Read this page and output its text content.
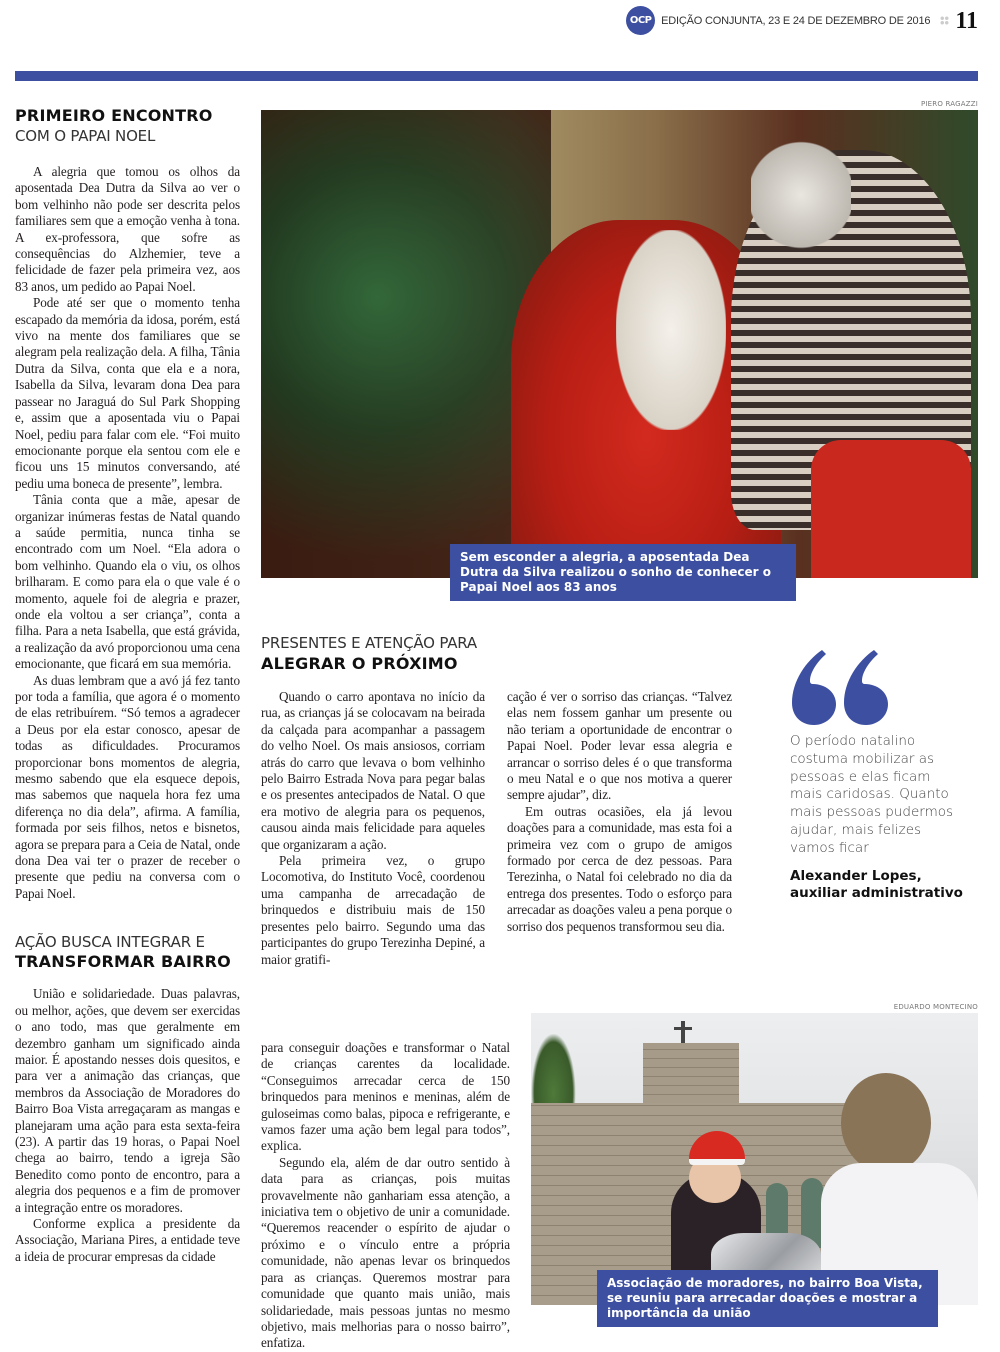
OCP EDIÇÃO CONJUNTA, 23 E 24 DE DEZEMBRO DE 2016 11
PRIMEIRO ENCONTRO
COM O PAPAI NOEL

A alegria que tomou os olhos da aposentada Dea Dutra da Silva ao ver o bom velhinho não pode ser descrita pelos familiares sem que a emoção venha à tona. A ex-professora, que sofre as consequências do Alzhemier, teve a felicidade de fazer pela primeira vez, aos 83 anos, um pedido ao Papai Noel.

Pode até ser que o momento tenha escapado da memória da idosa, porém, está vivo na mente dos familiares que se alegram pela realização dela. A filha, Tânia Dutra da Silva, conta que ela e a nora, Isabella da Silva, levaram dona Dea para passear no Jaraguá do Sul Park Shopping e, assim que a aposentada viu o Papai Noel, pediu para falar com ele. “Foi muito emocionante porque ela sentou com ele e ficou uns 15 minutos conversando, até pediu uma boneca de presente”, lembra.

Tânia conta que a mãe, apesar de organizar inúmeras festas de Natal quando a saúde permitia, nunca tinha se encontrado com um Noel. “Ela adora o bom velhinho. Quando ela o viu, os olhos brilharam. E como para ela o que vale é o momento, aquele foi de alegria e prazer, onde ela voltou a ser criança”, conta a filha. Para a neta Isabella, que está grávida, a realização da avó proporcionou uma cena emocionante, que ficará em sua memória.

As duas lembram que a avó já fez tanto por toda a família, que agora é o momento de elas retribuírem. “Só temos a agradecer a Deus por ela estar conosco, apesar de todas as dificuldades. Procuramos proporcionar bons momentos de alegria, mesmo sabendo que ela esquece depois, mas sabemos que naquela hora fez uma diferença no dia dela”, afirma. A família, formada por seis filhos, netos e bisnetos, agora se prepara para a Ceia de Natal, onde dona Dea vai ter o prazer de receber o presente que pediu na conversa com o Papai Noel.

AÇÃO BUSCA INTEGRAR E
TRANSFORMAR BAIRRO

União e solidariedade. Duas palavras, ou melhor, ações, que devem ser exercidas o ano todo, mas que geralmente em dezembro ganham um significado ainda maior. É apostando nesses dois quesitos, e para ver a animação das crianças, que membros da Associação de Moradores do Bairro Boa Vista arregaçaram as mangas e planejaram uma ação para esta sexta-feira (23). A partir das 19 horas, o Papai Noel chega ao bairro, tendo a igreja São Benedito como ponto de encontro, para a alegria dos pequenos e a fim de promover a integração entre os moradores.

Conforme explica a presidente da Associação, Mariana Pires, a entidade teve a ideia de procurar empresas da cidade

PIERO RAGAZZI
Sem esconder a alegria, a aposentada Dea Dutra da Silva realizou o sonho de conhecer o Papai Noel aos 83 anos
PRESENTES E ATENÇÃO PARA
ALEGRAR O PRÓXIMO

Quando o carro apontava no início da rua, as crianças já se colocavam na beirada da calçada para acompanhar a passagem do velho Noel. Os mais ansiosos, corriam atrás do carro que levava o bom velhinho pelo Bairro Estrada Nova para pegar balas e os presentes antecipados de Natal. O que era motivo de alegria para os pequenos, causou ainda mais felicidade para aqueles que organizaram a ação.

Pela primeira vez, o grupo Locomotiva, do Instituto Você, coordenou uma campanha de arrecadação de brinquedos e distribuiu mais de 150 presentes pelo bairro. Segundo uma das participantes do grupo Terezinha Depiné, a maior gratifi-

cação é ver o sorriso das crianças. “Talvez elas nem fossem ganhar um presente ou não teriam a oportunidade de encontrar o Papai Noel. Poder levar essa alegria e arrancar o sorriso deles é o que transforma o meu Natal e o que nos motiva a querer sempre ajudar”, diz.

Em outras ocasiões, ela já levou doações para a comunidade, mas esta foi a primeira vez com o grupo de amigos formado por cerca de dez pessoas. Para Terezinha, o Natal foi celebrado no dia da entrega dos presentes. Todo o esforço para arrecadar as doações valeu a pena porque o sorriso dos pequenos transformou seu dia.

O período natalino costuma mobilizar as pessoas e elas ficam mais caridosas. Quanto mais pessoas pudermos ajudar, mais felizes vamos ficar
Alexander Lopes,
auxiliar administrativo

para conseguir doações e transformar o Natal de crianças carentes da localidade. “Conseguimos arrecadar cerca de 150 brinquedos para meninos e meninas, além de guloseimas como balas, pipoca e refrigerante, e vamos fazer uma ação bem legal para todos”, explica.

Segundo ela, além de dar outro sentido à data para as crianças, pois muitas provavelmente não ganhariam essa atenção, a iniciativa tem o objetivo de unir a comunidade. “Queremos reacender o espírito de ajudar o próximo e o vínculo entre a própria comunidade, não apenas levar os brinquedos para as crianças. Queremos mostrar para comunidade que quanto mais união, mais solidariedade, mais pessoas juntas no mesmo objetivo, mais melhorias para o nosso bairro”, enfatiza.

EDUARDO MONTECINO
Associação de moradores, no bairro Boa Vista, se reuniu para arrecadar doações e mostrar a importância da união
